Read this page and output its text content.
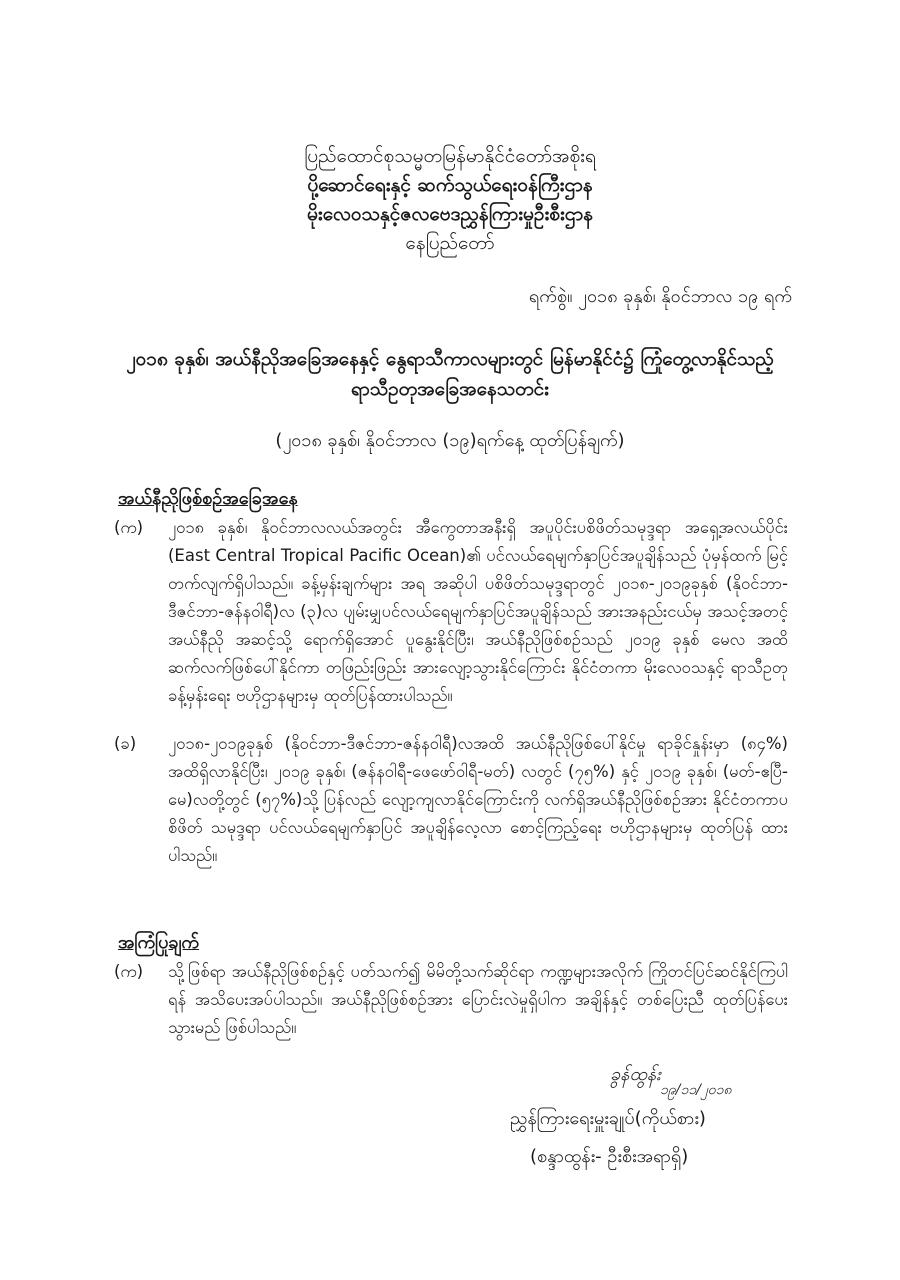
ပြည်ထောင်စုသမ္မတမြန်မာနိုင်ငံတော်အစိုးရ
ပို့ဆောင်ရေးနှင့် ဆက်သွယ်ရေးဝန်ကြီးဌာန
မိုးလေဝသနှင့်ဇလဗေဒညွှန်ကြားမှုဦးစီးဌာန
နေပြည်တော်
ရက်စွဲ။ ၂၀၁၈ ခုနှစ်၊ နိုဝင်ဘာလ ၁၉ ရက်
၂၀၁၈ ခုနှစ်၊ အယ်နီညိုအခြေအနေနှင့် နွေရာသီကာလများတွင် မြန်မာနိုင်ငံ၌ ကြုံတွေ့လာနိုင်သည့်
ရာသီဥတုအခြေအနေသတင်း
(၂၀၁၈ ခုနှစ်၊ နိုဝင်ဘာလ (၁၉)ရက်နေ့ ထုတ်ပြန်ချက်)
အယ်နီညိုဖြစ်စဉ်အခြေအနေ
(က) ၂၀၁၈ ခုနှစ်၊ နိုဝင်ဘာလလယ်အတွင်း အီကွေတာအနီးရှိ အပူပိုင်းပစိဖိတ်သမုဒ္ဒရာ အရှေ့အလယ်ပိုင်း (East Central Tropical Pacific Ocean)၏ ပင်လယ်ရေမျက်နှာပြင်အပူချိန်သည် ပုံမှန်ထက် မြင့်တက်လျက်ရှိပါသည်။ ခန့်မှန်းချက်များ အရ အဆိုပါ ပစိဖိတ်သမုဒ္ဒရာတွင် ၂၀၁၈-၂၀၁၉ခုနှစ် (နိုဝင်ဘာ-ဒီဇင်ဘာ-ဇန်နဝါရီ)လ (၃)လ ပျမ်းမျှပင်လယ်ရေမျက်နှာပြင်အပူချိန်သည် အားအနည်းငယ်မှ အသင့်အတင့် အယ်နီညို အဆင့်သို့ ရောက်ရှိအောင် ပူနွေးနိုင်ပြီး၊ အယ်နီညိုဖြစ်စဉ်သည် ၂၀၁၉ ခုနှစ် မေလ အထိ ဆက်လက်ဖြစ်ပေါ်နိုင်ကာ တဖြည်းဖြည်း အားလျော့သွားနိုင်ကြောင်း နိုင်ငံတကာ မိုးလေဝသနှင့် ရာသီဥတုခန့်မှန်းရေး ဗဟိုဌာနများမှ ထုတ်ပြန်ထားပါသည်။
(ခ) ၂၀၁၈-၂၀၁၉ခုနှစ် (နိုဝင်ဘာ-ဒီဇင်ဘာ-ဇန်နဝါရီ)လအထိ အယ်နီညိုဖြစ်ပေါ်နိုင်မှု ရာခိုင်နှုန်းမှာ (၈၄%) အထိရှိလာနိုင်ပြီး၊ ၂၀၁၉ ခုနှစ်၊ (ဇန်နဝါရီ-ဖေဖော်ဝါရီ-မတ်) လတွင် (၇၅%) နှင့် ၂၀၁၉ ခုနှစ်၊ (မတ်-ဧပြီ-မေ)လတို့တွင် (၅၇%)သို့ ပြန်လည် လျော့ကျလာနိုင်ကြောင်းကို လက်ရှိအယ်နီညိုဖြစ်စဉ်အား နိုင်ငံတကာပစိဖိတ် သမုဒ္ဒရာ ပင်လယ်ရေမျက်နှာပြင် အပူချိန်လေ့လာ စောင့်ကြည့်ရေး ဗဟိုဌာနများမှ ထုတ်ပြန် ထားပါသည်။
အကြံပြုချက်
(က) သို့ဖြစ်ရာ အယ်နီညိုဖြစ်စဉ်နှင့် ပတ်သက်၍ မိမိတို့သက်ဆိုင်ရာ ကဏ္ဍများအလိုက် ကြိုတင်ပြင်ဆင်နိုင်ကြပါရန် အသိပေးအပ်ပါသည်။ အယ်နီညိုဖြစ်စဉ်အား ပြောင်းလဲမှုရှိပါက အချိန်နှင့် တစ်ပြေးညီ ထုတ်ပြန်ပေးသွားမည် ဖြစ်ပါသည်။
ခွန်ထွန်း
၁၉/၁၁/၂၀၁၈
ညွှန်ကြားရေးမှူးချုပ်(ကိုယ်စား)
(စန္ဒာထွန်း- ဦးစီးအရာရှိ)
